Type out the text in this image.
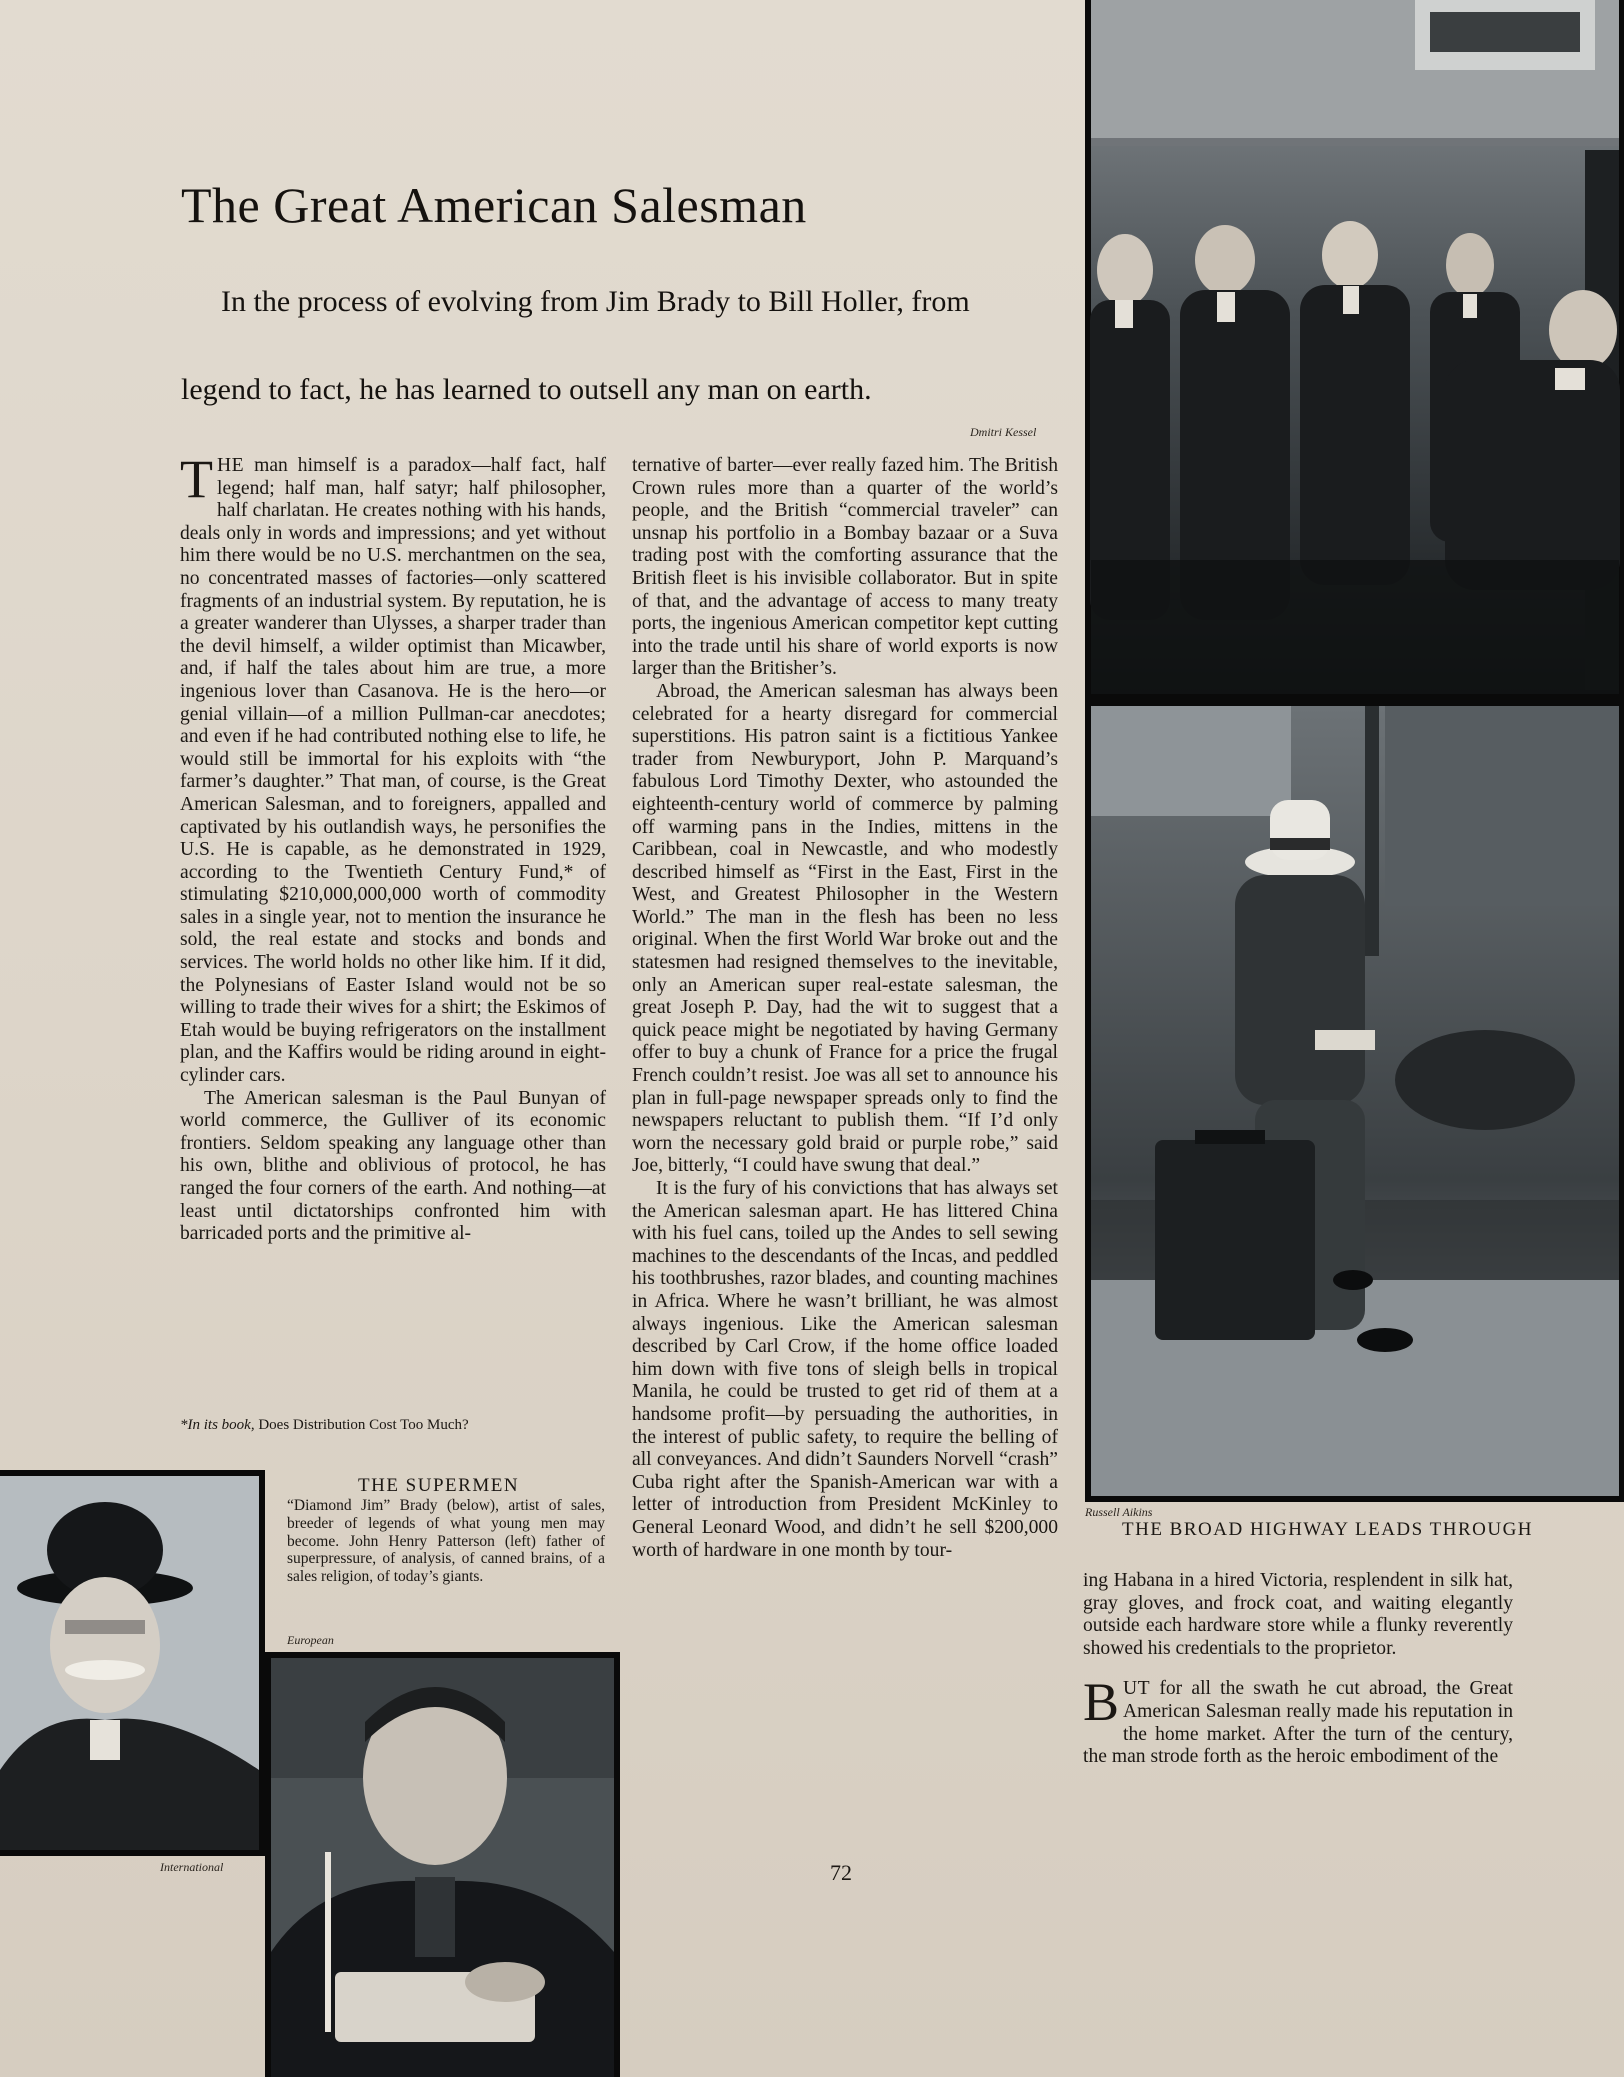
The Great American Salesman
In the process of evolving from Jim Brady to Bill Holler, from
legend to fact, he has learned to outsell any man on earth.
Dmitri Kessel

THE man himself is a paradox—half fact, half legend; half man, half satyr; half philosopher, half charlatan. He creates nothing with his hands, deals only in words and impressions; and yet without him there would be no U.S. merchantmen on the sea, no concentrated masses of factories—only scattered fragments of an industrial system. By reputation, he is a greater wanderer than Ulysses, a sharper trader than the devil himself, a wilder optimist than Micawber, and, if half the tales about him are true, a more ingenious lover than Casanova. He is the hero—or genial villain—of a million Pullman-car anecdotes; and even if he had contributed nothing else to life, he would still be immortal for his exploits with “the farmer’s daughter.” That man, of course, is the Great American Salesman, and to foreigners, appalled and captivated by his outlandish ways, he personifies the U.S. He is capable, as he demonstrated in 1929, according to the Twentieth Century Fund,* of stimulating $210,000,000,000 worth of commodity sales in a single year, not to mention the insurance he sold, the real estate and stocks and bonds and services. The world holds no other like him. If it did, the Polynesians of Easter Island would not be so willing to trade their wives for a shirt; the Eskimos of Etah would be buying refrigerators on the installment plan, and the Kaffirs would be riding around in eight-cylinder cars.

The American salesman is the Paul Bunyan of world commerce, the Gulliver of its economic frontiers. Seldom speaking any language other than his own, blithe and oblivious of protocol, he has ranged the four corners of the earth. And nothing—at least until dictatorships confronted him with barricaded ports and the primitive al-

*In its book, Does Distribution Cost Too Much?

ternative of barter—ever really fazed him. The British Crown rules more than a quarter of the world’s people, and the British “commercial traveler” can unsnap his portfolio in a Bombay bazaar or a Suva trading post with the comforting assurance that the British fleet is his invisible collaborator. But in spite of that, and the advantage of access to many treaty ports, the ingenious American competitor kept cutting into the trade until his share of world exports is now larger than the Britisher’s.

Abroad, the American salesman has always been celebrated for a hearty disregard for commercial superstitions. His patron saint is a fictitious Yankee trader from Newburyport, John P. Marquand’s fabulous Lord Timothy Dexter, who astounded the eighteenth-century world of commerce by palming off warming pans in the Indies, mittens in the Caribbean, coal in Newcastle, and who modestly described himself as “First in the East, First in the West, and Greatest Philosopher in the Western World.” The man in the flesh has been no less original. When the first World War broke out and the statesmen had resigned themselves to the inevitable, only an American super real-estate salesman, the great Joseph P. Day, had the wit to suggest that a quick peace might be negotiated by having Germany offer to buy a chunk of France for a price the frugal French couldn’t resist. Joe was all set to announce his plan in full-page newspaper spreads only to find the newspapers reluctant to publish them. “If I’d only worn the necessary gold braid or purple robe,” said Joe, bitterly, “I could have swung that deal.”

It is the fury of his convictions that has always set the American salesman apart. He has littered China with his fuel cans, toiled up the Andes to sell sewing machines to the descendants of the Incas, and peddled his toothbrushes, razor blades, and counting machines in Africa. Where he wasn’t brilliant, he was almost always ingenious. Like the American salesman described by Carl Crow, if the home office loaded him down with five tons of sleigh bells in tropical Manila, he could be trusted to get rid of them at a handsome profit—by persuading the authorities, in the interest of public safety, to require the belling of all conveyances. And didn’t Saunders Norvell “crash” Cuba right after the Spanish-American war with a letter of introduction from President McKinley to General Leonard Wood, and didn’t he sell $200,000 worth of hardware in one month by tour-

ing Habana in a hired Victoria, resplendent in silk hat, gray gloves, and frock coat, and waiting elegantly outside each hardware store while a flunky reverently showed his credentials to the proprietor.

BUT for all the swath he cut abroad, the Great American Salesman really made his reputation in the home market. After the turn of the century, the man strode forth as the heroic embodiment of the

72
Russell Aikins
THE BROAD HIGHWAY LEADS THROUGH
International
THE SUPERMEN
“Diamond Jim” Brady (below), artist of sales, breeder of legends of what young men may become. John Henry Patterson (left) father of superpressure, of analysis, of canned brains, of a sales religion, of today’s giants.
European
